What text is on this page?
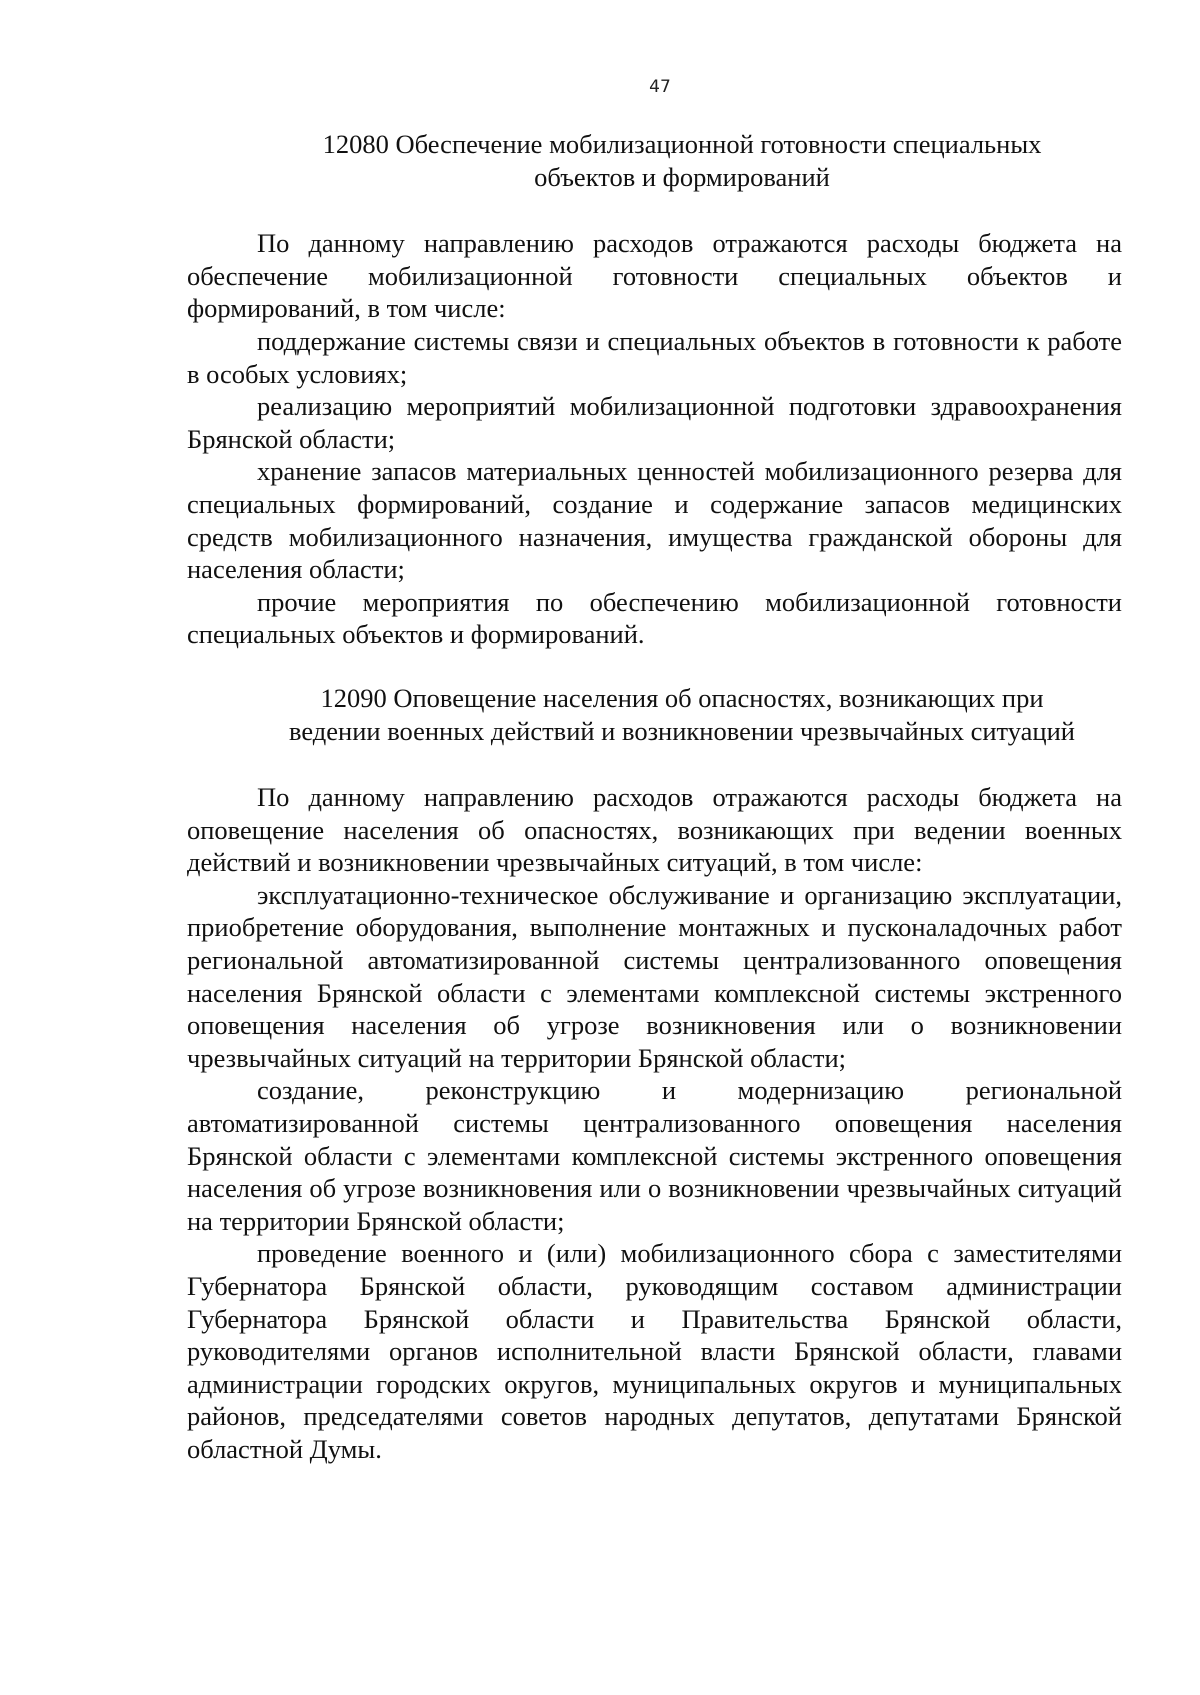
47
12080 Обеспечение мобилизационной готовности специальных
объектов и формирований

По данному направлению расходов отражаются расходы бюджета на обеспечение мобилизационной готовности специальных объектов и формирований, в том числе:

поддержание системы связи и специальных объектов в готовности к работе в особых условиях;

реализацию мероприятий мобилизационной подготовки здравоохранения Брянской области;

хранение запасов материальных ценностей мобилизационного резерва для специальных формирований, создание и содержание запасов медицинских средств мобилизационного назначения, имущества гражданской обороны для населения области;

прочие мероприятия по обеспечению мобилизационной готовности специальных объектов и формирований.

12090 Оповещение населения об опасностях, возникающих при
ведении военных действий и возникновении чрезвычайных ситуаций

По данному направлению расходов отражаются расходы бюджета на оповещение населения об опасностях, возникающих при ведении военных действий и возникновении чрезвычайных ситуаций, в том числе:

эксплуатационно-техническое обслуживание и организацию эксплуатации, приобретение оборудования, выполнение монтажных и пусконаладочных работ региональной автоматизированной системы централизованного оповещения населения Брянской области с элементами комплексной системы экстренного оповещения населения об угрозе возникновения или о возникновении чрезвычайных ситуаций на территории Брянской области;

создание, реконструкцию и модернизацию региональной автоматизированной системы централизованного оповещения населения Брянской области с элементами комплексной системы экстренного оповещения населения об угрозе возникновения или о возникновении чрезвычайных ситуаций на территории Брянской области;

проведение военного и (или) мобилизационного сбора с заместителями Губернатора Брянской области, руководящим составом администрации Губернатора Брянской области и Правительства Брянской области, руководителями органов исполнительной власти Брянской области, главами администрации городских округов, муниципальных округов и муниципальных районов, председателями советов народных депутатов, депутатами Брянской областной Думы.
